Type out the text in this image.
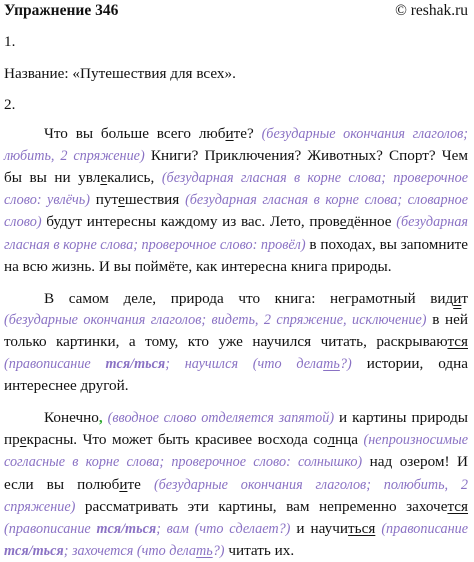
Упражнение 346	© reshak.ru
1.
Название: «Путешествия для всех».
2.

Что вы больше всего любите? (безударные окончания глаголов; любить, 2 спряжение) Книги? Приключения? Животных? Спорт? Чем бы вы ни увлекались, (безударная гласная в корне слова; проверочное слово: увлёчь) путешествия (безударная гласная в корне слова; словарное слово) будут интересны каждому из вас. Лето, проведённое (безударная гласная в корне слова; проверочное слово: провёл) в походах, вы запомните на всю жизнь. И вы поймёте, как интересна книга природы.

В самом деле, природа что книга: неграмотный видит (безударные окончания глаголов; видеть, 2 спряжение, исключение) в ней только картинки, а тому, кто уже научился читать, раскрываются (правописание тся/ться; научился (что делать?) истории, одна интереснее другой.

Конечно, (вводное слово отделяется запятой) и картины природы прекрасны. Что может быть красивее восхода солнца (непроизносимые согласные в корне слова; проверочное слово: солнышко) над озером! И если вы полюбите (безударные окончания глаголов; полюбить, 2 спряжение) рассматривать эти картины, вам непременно захочется (правописание тся/ться; вам (что сделает?) и научиться (правописание тся/ться; захочется (что делать?) читать их.
